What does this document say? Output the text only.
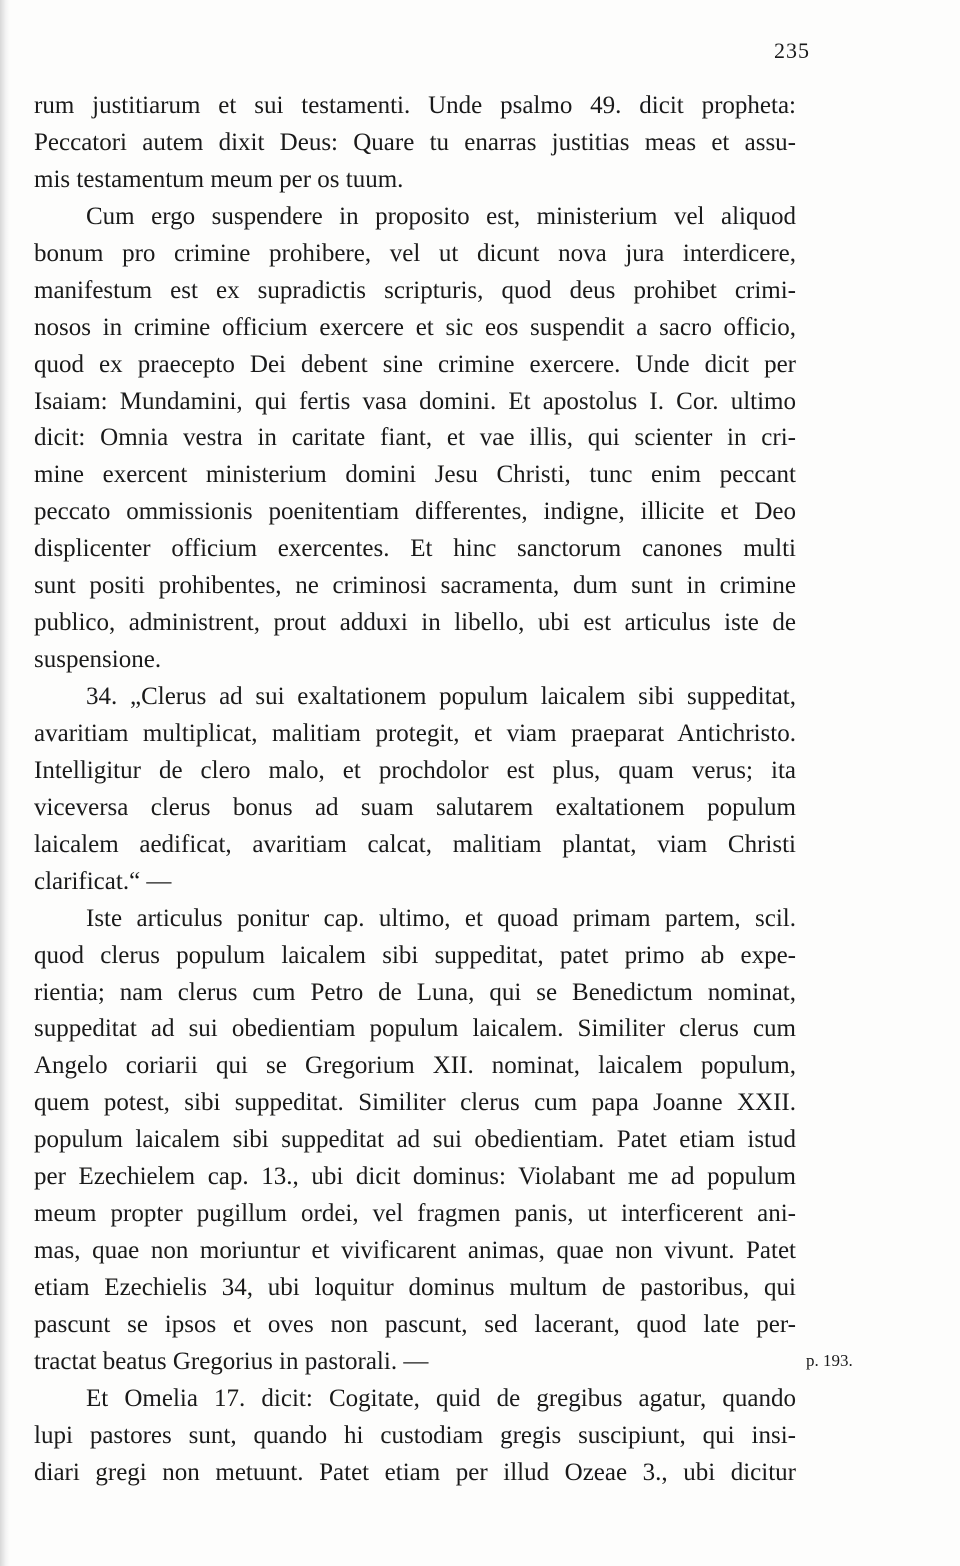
235
rum justitiarum et sui testamenti. Unde psalmo 49. dicit propheta:
Peccatori autem dixit Deus: Quare tu enarras justitias meas et assu-
mis testamentum meum per os tuum.
Cum ergo suspendere in proposito est, ministerium vel aliquod
bonum pro crimine prohibere, vel ut dicunt nova jura interdicere,
manifestum est ex supradictis scripturis, quod deus prohibet crimi-
nosos in crimine officium exercere et sic eos suspendit a sacro officio,
quod ex praecepto Dei debent sine crimine exercere. Unde dicit per
Isaiam: Mundamini, qui fertis vasa domini. Et apostolus I. Cor. ultimo
dicit: Omnia vestra in caritate fiant, et vae illis, qui scienter in cri-
mine exercent ministerium domini Jesu Christi, tunc enim peccant
peccato ommissionis poenitentiam differentes, indigne, illicite et Deo
displicenter officium exercentes. Et hinc sanctorum canones multi
sunt positi prohibentes, ne criminosi sacramenta, dum sunt in crimine
publico, administrent, prout adduxi in libello, ubi est articulus iste de
suspensione.
34. „Clerus ad sui exaltationem populum laicalem sibi suppeditat,
avaritiam multiplicat, malitiam protegit, et viam praeparat Antichristo.
Intelligitur de clero malo, et prochdolor est plus, quam verus; ita
viceversa clerus bonus ad suam salutarem exaltationem populum
laicalem aedificat, avaritiam calcat, malitiam plantat, viam Christi
clarificat.“ —
Iste articulus ponitur cap. ultimo, et quoad primam partem, scil.
quod clerus populum laicalem sibi suppeditat, patet primo ab expe-
rientia; nam clerus cum Petro de Luna, qui se Benedictum nominat,
suppeditat ad sui obedientiam populum laicalem. Similiter clerus cum
Angelo coriarii qui se Gregorium XII. nominat, laicalem populum,
quem potest, sibi suppeditat. Similiter clerus cum papa Joanne XXII.
populum laicalem sibi suppeditat ad sui obedientiam. Patet etiam istud
per Ezechielem cap. 13., ubi dicit dominus: Violabant me ad populum
meum propter pugillum ordei, vel fragmen panis, ut interficerent ani-
mas, quae non moriuntur et vivificarent animas, quae non vivunt. Patet
etiam Ezechielis 34, ubi loquitur dominus multum de pastoribus, qui
pascunt se ipsos et oves non pascunt, sed lacerant, quod late per-
tractat beatus Gregorius in pastorali. —
Et Omelia 17. dicit: Cogitate, quid de gregibus agatur, quando
lupi pastores sunt, quando hi custodiam gregis suscipiunt, qui insi-
diari gregi non metuunt. Patet etiam per illud Ozeae 3., ubi dicitur
p. 193.
